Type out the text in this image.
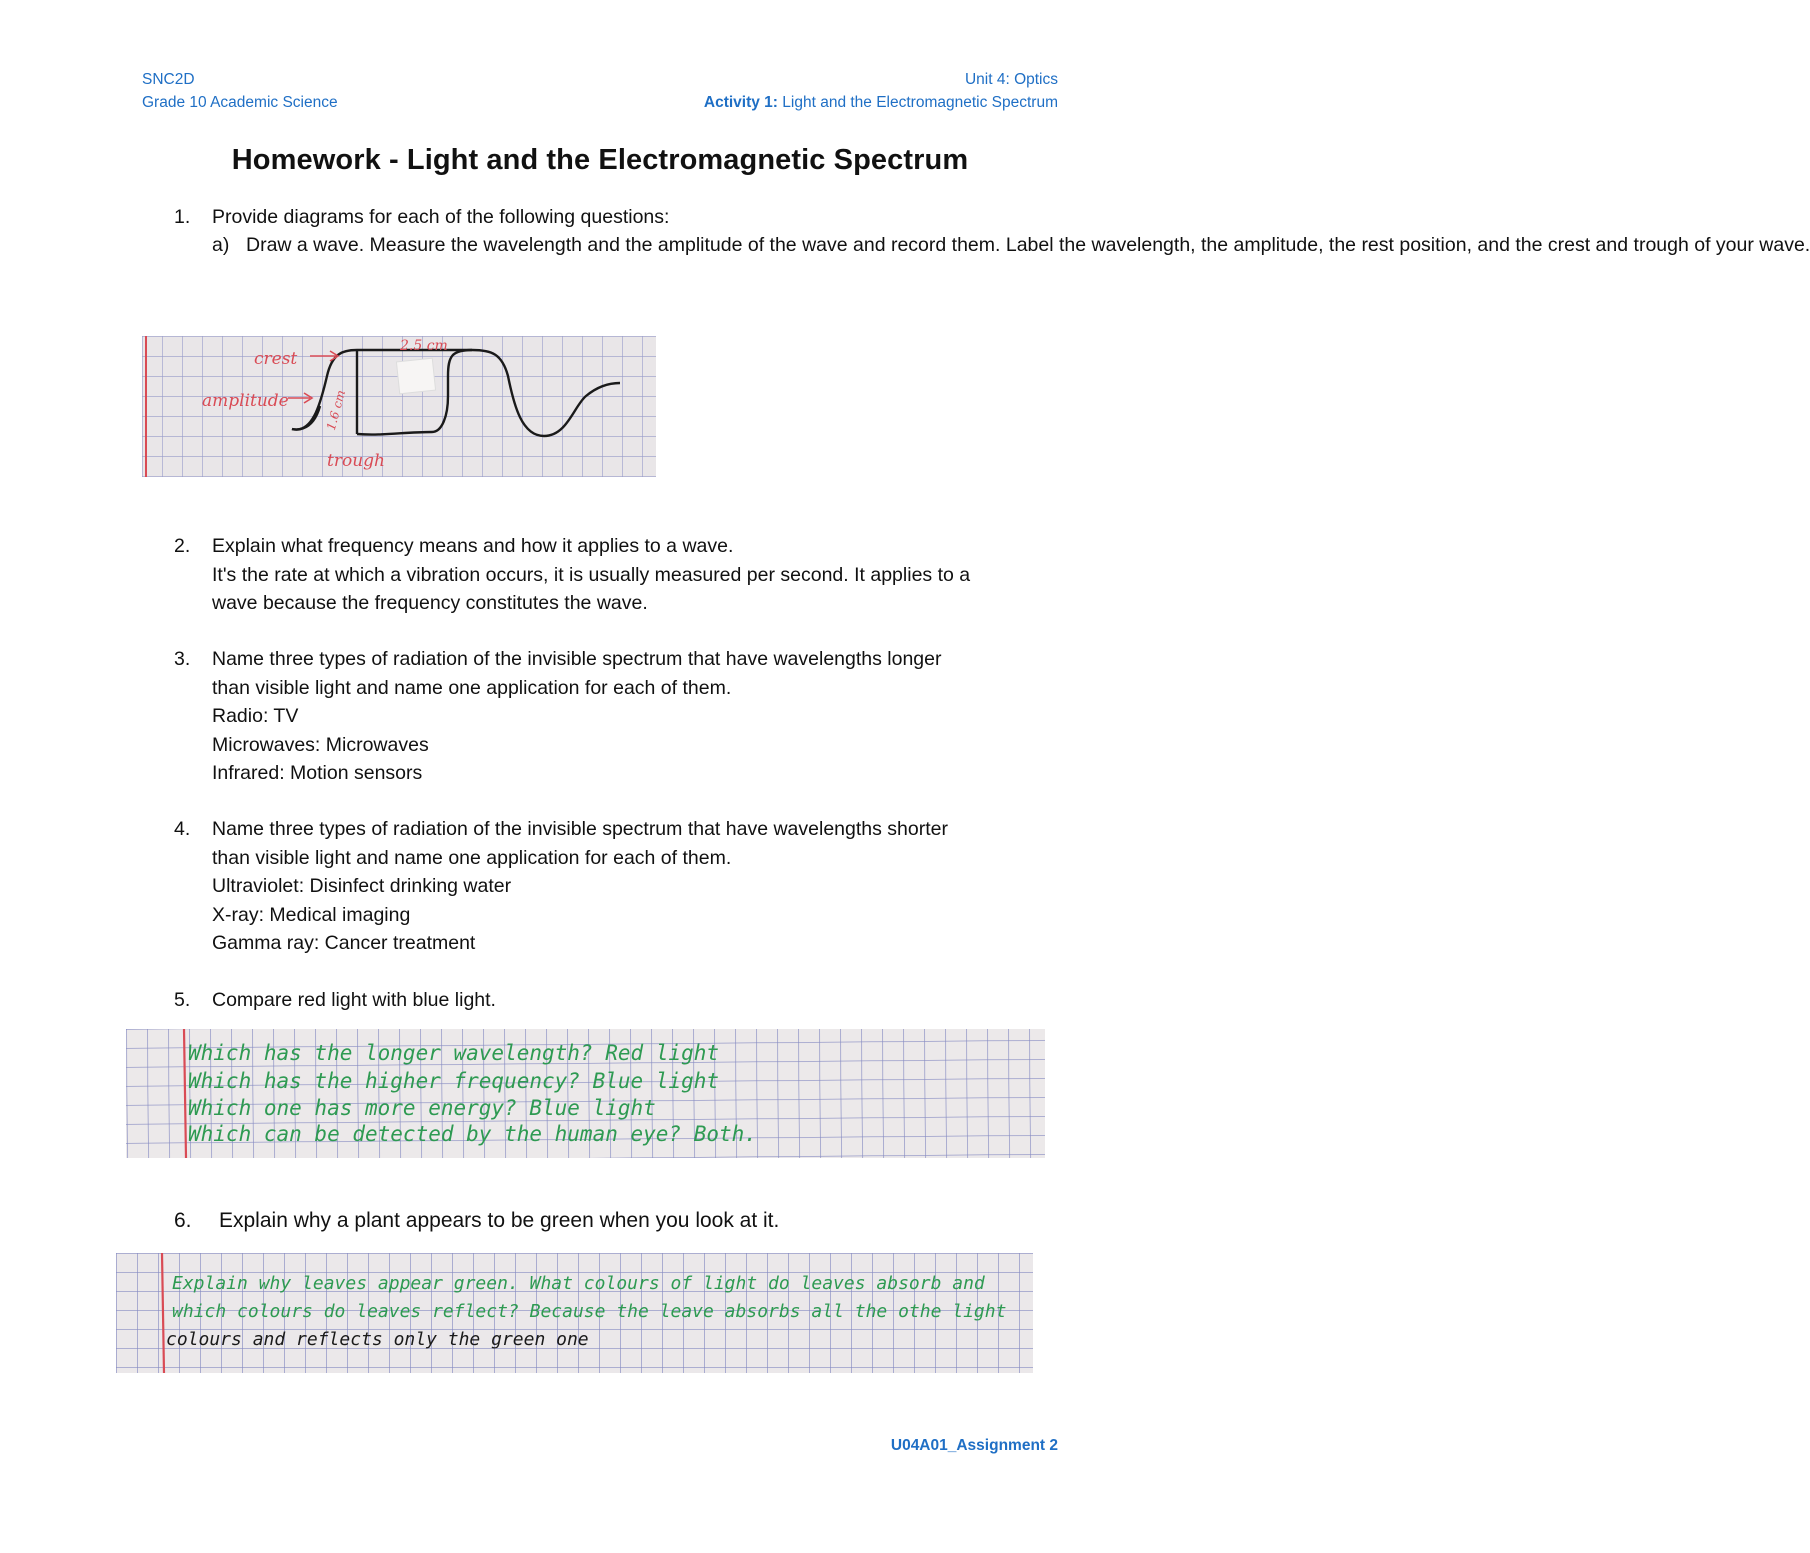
SNC2D
Grade 10 Academic Science
Unit 4: Optics
Activity 1: Light and the Electromagnetic Spectrum
Homework - Light and the Electromagnetic Spectrum
1. Provide diagrams for each of the following questions:
a) Draw a wave. Measure the wavelength and the amplitude of the wave and record them. Label the wavelength, the amplitude, the rest position, and the crest and trough of your wave.
crest
amplitude
trough
2.5 cm
1.6 cm
2. Explain what frequency means and how it applies to a wave.
It's the rate at which a vibration occurs, it is usually measured per second. It applies to a
wave because the frequency constitutes the wave.
3. Name three types of radiation of the invisible spectrum that have wavelengths longer
than visible light and name one application for each of them.
Radio: TV
Microwaves: Microwaves
Infrared: Motion sensors
4. Name three types of radiation of the invisible spectrum that have wavelengths shorter
than visible light and name one application for each of them.
Ultraviolet: Disinfect drinking water
X-ray: Medical imaging
Gamma ray: Cancer treatment
5. Compare red light with blue light.
Which has the longer wavelength? Red light
Which has the higher frequency? Blue light
Which one has more energy? Blue light
Which can be detected by the human eye? Both.
6. Explain why a plant appears to be green when you look at it.
Explain why leaves appear green. What colours of light do leaves absorb and
which colours do leaves reflect? Because the leave absorbs all the othe light
colours and reflects only the green one
U04A01_Assignment 2
